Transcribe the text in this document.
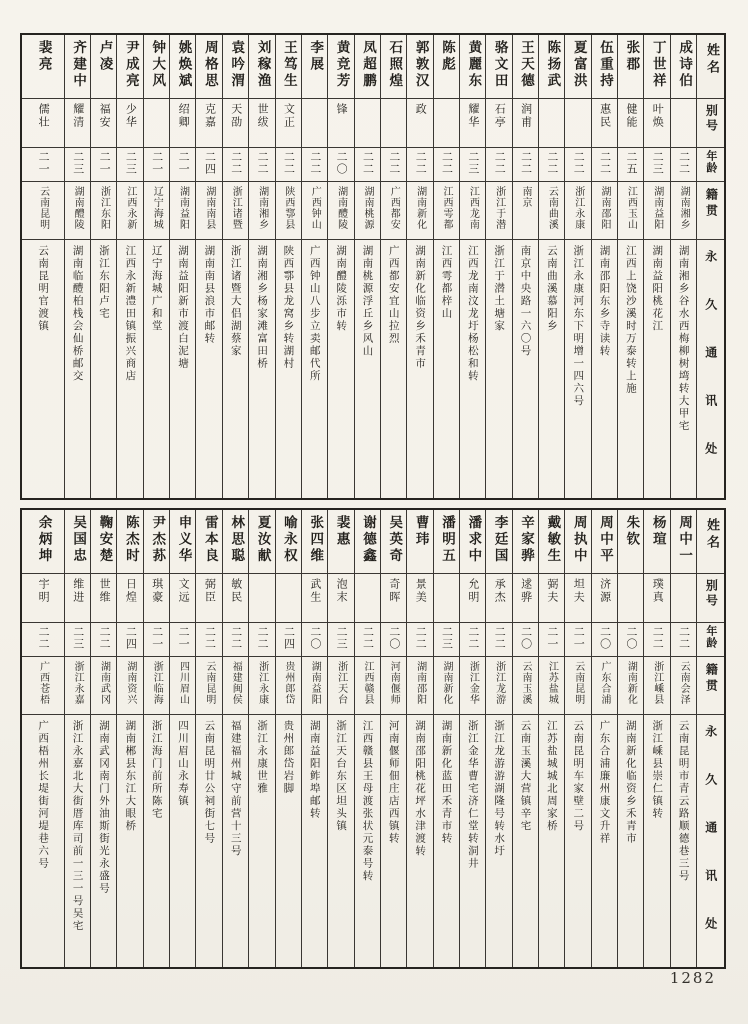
姓名
别号
年龄
籍贯
永久通讯处
成诗伯
二二
湖南湘乡
湖南湘乡谷水西梅柳树塆转大甲宅
丁世祥
叶焕
二三
湖南益阳
湖南益阳桃花江
张郡
健能
二五
江西玉山
江西上饶沙溪时万泰转上施
伍重持
惠民
二二
湖南邵阳
湖南邵阳东乡寺读转
夏富洪
二二
浙江永康
浙江永康河东下明增一四六号
陈扬武
二二
云南曲溪
云南曲溪慕阳乡
王天德
润甫
二二
南京
南京中央路一六〇号
骆文田
石亭
二二
浙江于潜
浙江于潜土塘家
黄麗东
耀华
二三
江西龙南
江西龙南汶龙圩杨松和转
陈彪
二二
江西雩都
江西雩都梓山
郭敦汉
政
二二
湖南新化
湖南新化临资乡禾青市
石照煌
二二
广西都安
广西都安宜山拉烈
凤超鹏
二二
湖南桃源
湖南桃源浮丘乡风山
黄竞芳
锋
二〇
湖南醴陵
湖南醴陵泺市转
李展
二二
广西钟山
广西钟山八步立卖邮代所
王笃生
文正
二二
陕西鄠县
陕西鄠县龙窝乡转湖村
刘稼渔
世绂
二二
湖南湘乡
湖南湘乡杨家滩富田桥
袁吟渭
天劭
二二
浙江诸暨
浙江诸暨大侣湖蔡家
周格思
克嘉
二四
湖南南县
湖南南县浪市邮转
姚焕斌
绍卿
二一
湖南益阳
湖南益阳新市渡白泥塘
钟大风
二一
辽宁海城
辽宁海城广和堂
尹成亮
少华
二三
江西永新
江西永新澧田镇振兴商店
卢凌
福安
二一
浙江东阳
浙江东阳卢宅
齐建中
耀清
二三
湖南醴陵
湖南临醴柏栈会仙桥邮交
裴亮
儒壮
二一
云南昆明
云南昆明官渡镇
姓名
别号
年龄
籍贯
永久通讯处
周中一
二二
云南会泽
云南昆明市青云路顺德巷三号
杨瑄
璞真
二二
浙江嵊县
浙江嵊县崇仁镇转
朱钦
二〇
湖南新化
湖南新化临资乡禾青市
周中平
济源
二〇
广东合浦
广东合浦廉州康文升祥
周执中
坦夫
二一
云南昆明
云南昆明车家壁二号
戴敏生
弼夫
二一
江苏盐城
江苏盐城城北周家桥
辛家骅
逑骅
二〇
云南玉溪
云南玉溪大营镇辛宅
李廷国
承杰
二二
浙江龙游
浙江龙游游湖隆号转水圩
潘求中
允明
二二
浙江金华
浙江金华曹宅济仁堂转洞井
潘明五
二三
湖南新化
湖南新化蓝田禾青市转
曹玮
景美
二二
湖南邵阳
湖南邵阳桃花坪水津渡转
吴英奇
奇晖
二〇
河南偃师
河南偃师佃庄店西镇转
谢德鑫
二二
江西赣县
江西赣县王母渡张状元泰号转
裴惠
泡末
二三
浙江天台
浙江天台东区坦头镇
张四维
武生
二〇
湖南益阳
湖南益阳鲊埠邮转
喻永权
二四
贵州郎岱
贵州郎岱岩脚
夏汝献
二二
浙江永康
浙江永康世雅
林思聪
敏民
二二
福建闽侯
福建福州城守前营十三号
雷本良
弼臣
二二
云南昆明
云南昆明廿公祠街七号
申义华
文远
二一
四川眉山
四川眉山永寿镇
尹杰荪
琪豪
二一
浙江临海
浙江海门前所陈宅
陈杰时
日煌
二四
湖南资兴
湖南郴县东江大眼桥
鞠安楚
世维
二二
湖南武冈
湖南武冈南门外油斯街光永盛号
吴国忠
维进
二三
浙江永嘉
浙江永嘉北大街厝库司前一三一号吴宅
余炳坤
宇明
二二
广西苍梧
广西梧州长堤街河堤巷六号
1282
